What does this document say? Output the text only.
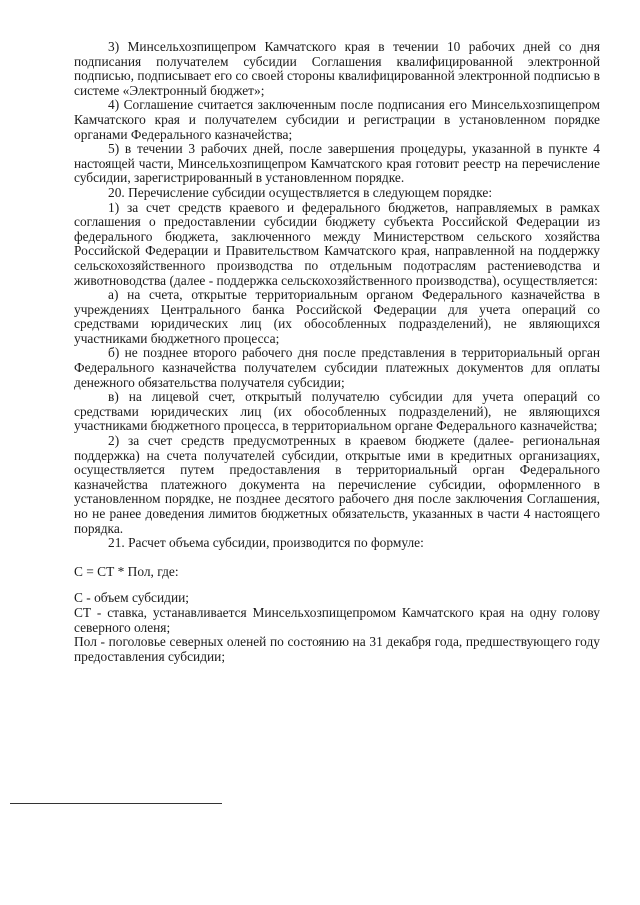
3) Минсельхозпищепром Камчатского края в течении 10 рабочих дней со дня подписания получателем субсидии Соглашения квалифицированной электронной подписью, подписывает его со своей стороны квалифицированной электронной подписью в системе «Электронный бюджет»;

4) Соглашение считается заключенным после подписания его Минсельхозпищепром Камчатского края и получателем субсидии и регистрации в установленном порядке органами Федерального казначейства;

5) в течении 3 рабочих дней, после завершения процедуры, указанной в пункте 4 настоящей части, Минсельхозпищепром Камчатского края готовит реестр на перечисление субсидии, зарегистрированный в установленном порядке.

20. Перечисление субсидии осуществляется в следующем порядке:

1) за счет средств краевого и федерального бюджетов, направляемых в рамках соглашения о предоставлении субсидии бюджету субъекта Российской Федерации из федерального бюджета, заключенного между Министерством сельского хозяйства Российской Федерации и Правительством Камчатского края, направленной на поддержку сельскохозяйственного производства по отдельным подотраслям растениеводства и животноводства (далее - поддержка сельскохозяйственного производства), осуществляется:

а) на счета, открытые территориальным органом Федерального казначейства в учреждениях Центрального банка Российской Федерации для учета операций со средствами юридических лиц (их обособленных подразделений), не являющихся участниками бюджетного процесса;

б) не позднее второго рабочего дня после представления в территориальный орган Федерального казначейства получателем субсидии платежных документов для оплаты денежного обязательства получателя субсидии;

в) на лицевой счет, открытый получателю субсидии для учета операций со средствами юридических лиц (их обособленных подразделений), не являющихся участниками бюджетного процесса, в территориальном органе Федерального казначейства;

2) за счет средств предусмотренных в краевом бюджете (далее- региональная поддержка) на счета получателей субсидии, открытые ими в кредитных организациях, осуществляется путем предоставления в территориальный орган Федерального казначейства платежного документа на перечисление субсидии, оформленного в установленном порядке, не позднее десятого рабочего дня после заключения Соглашения, но не ранее доведения лимитов бюджетных обязательств, указанных в части 4 настоящего порядка.

21. Расчет объема субсидии, производится по формуле:

С = СТ * Пол, где:

С - объем субсидии;

СТ - ставка, устанавливается Минсельхозпищепромом Камчатского края на одну голову северного оленя;

Пол - поголовье северных оленей по состоянию на 31 декабря года, предшествующего году предоставления субсидии;
